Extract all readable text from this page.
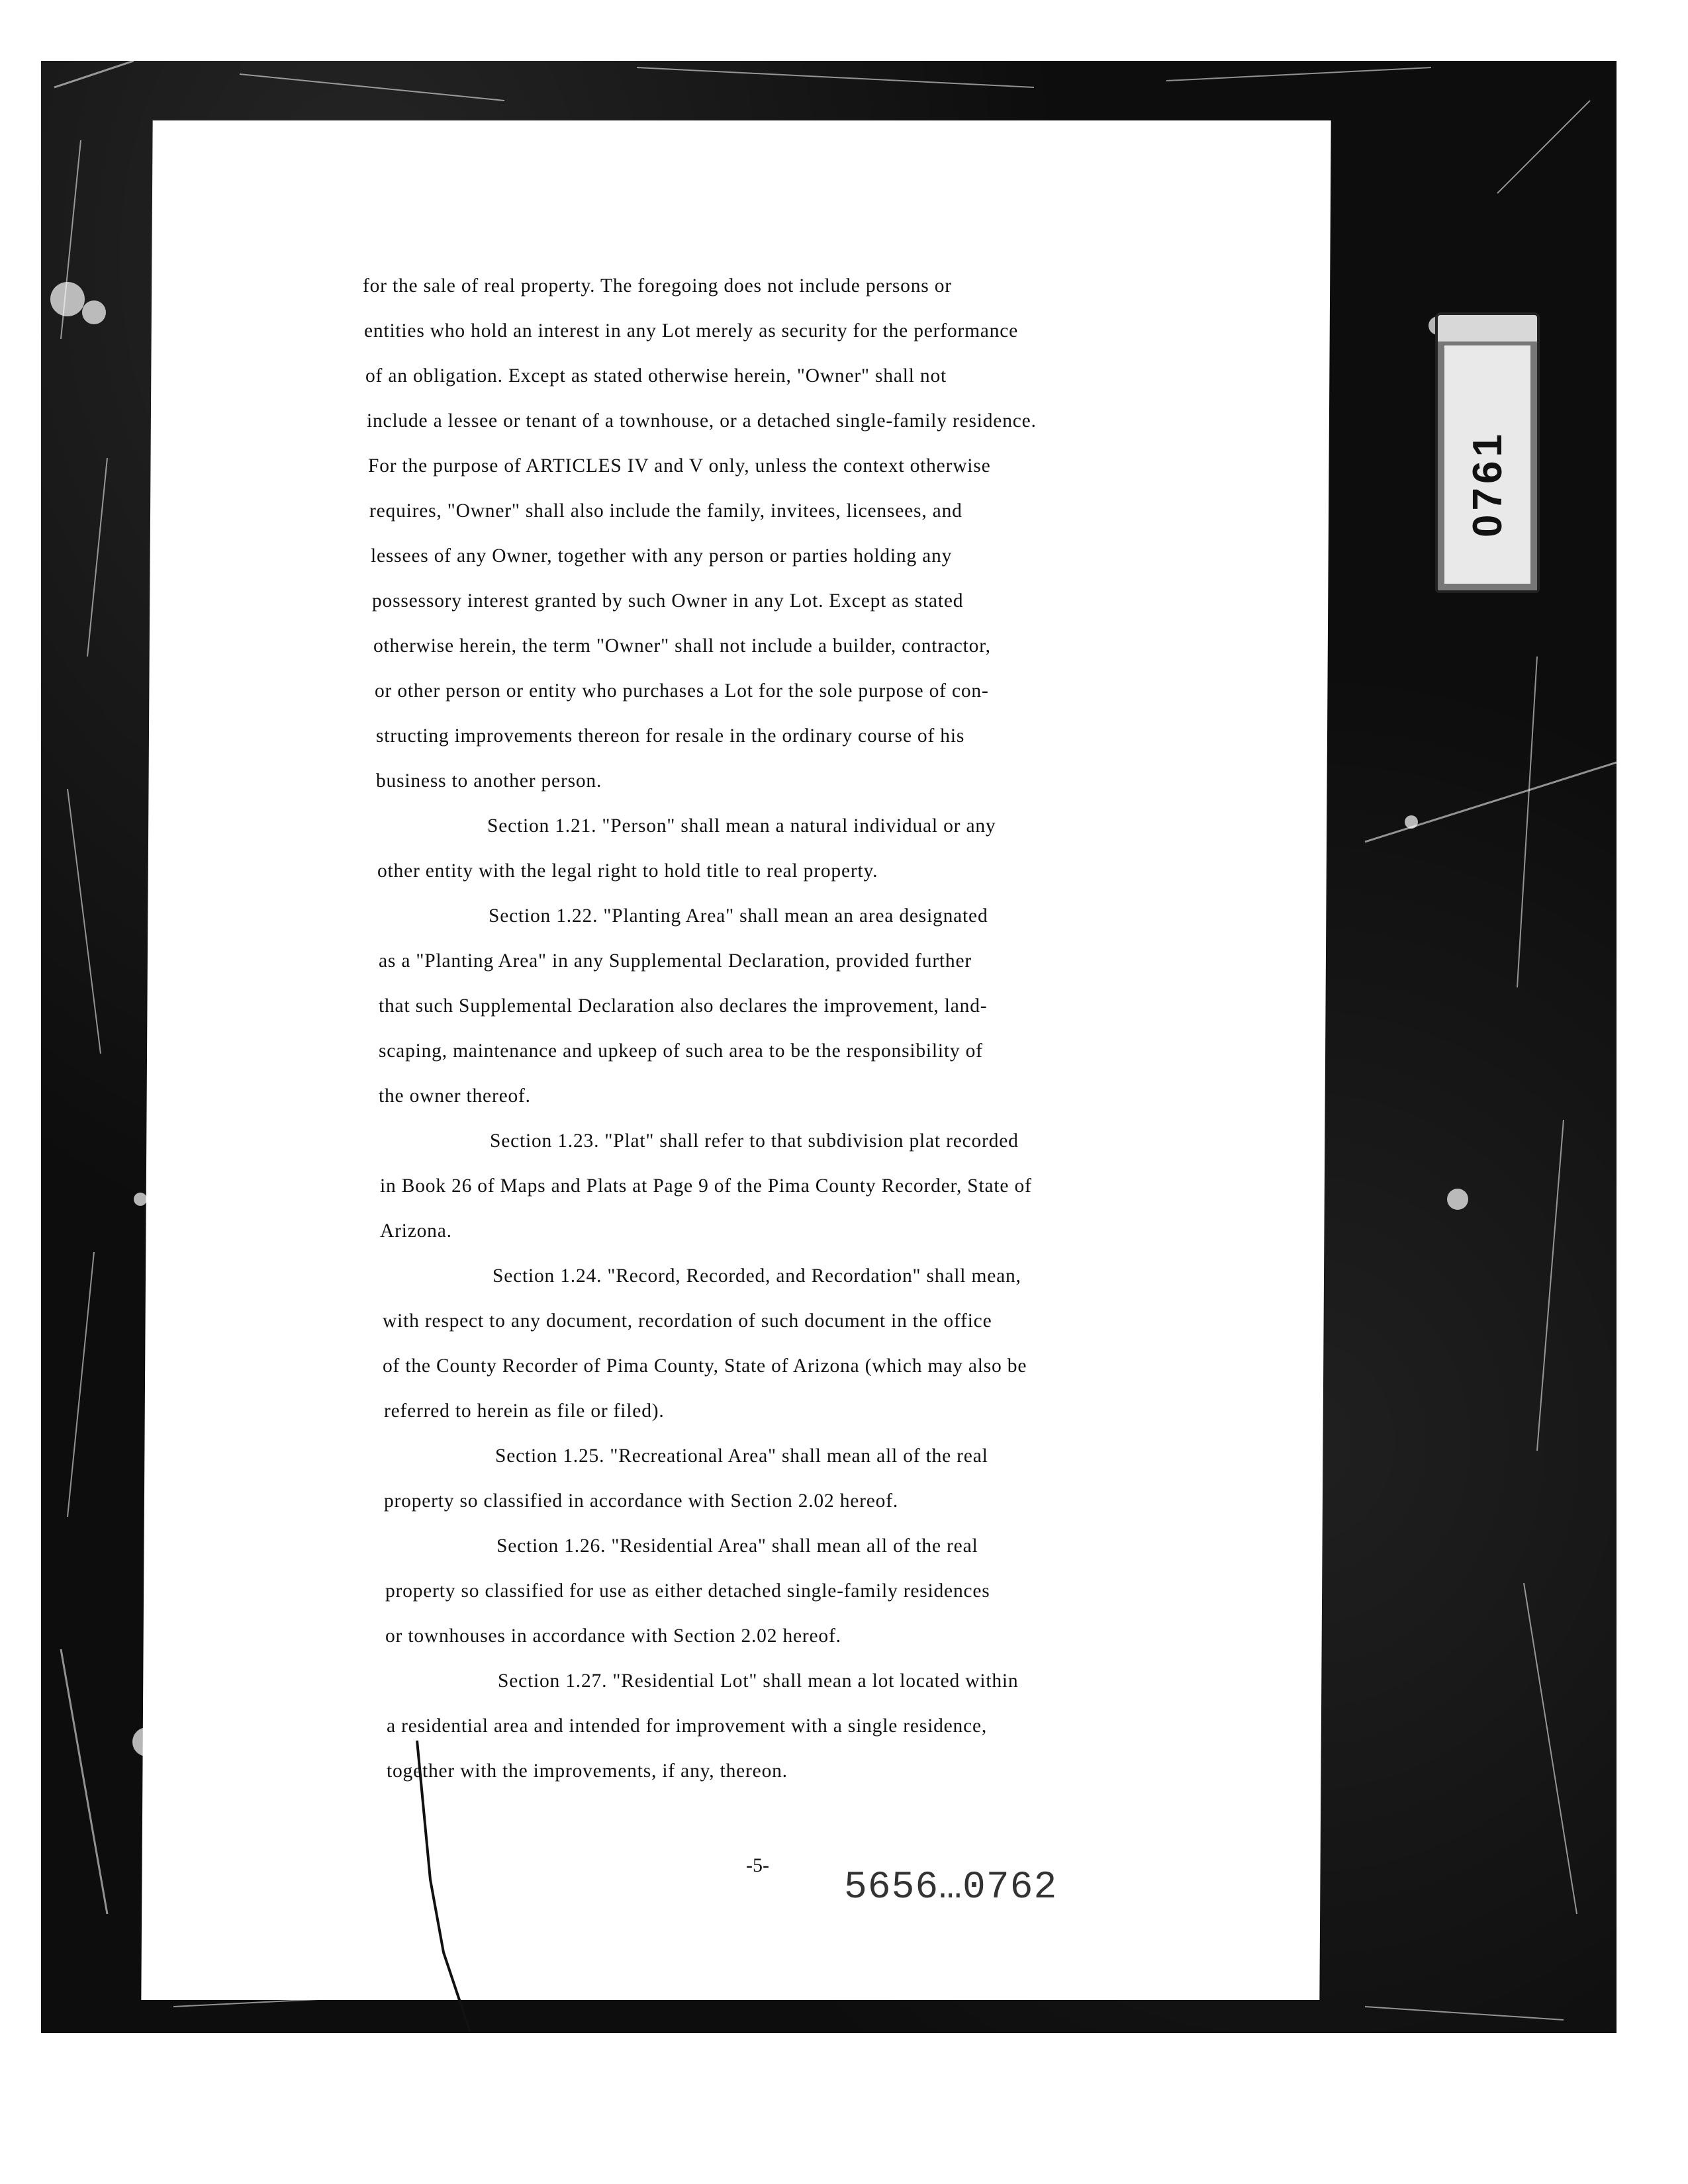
0761
for the sale of real property. The foregoing does not include persons or
entities who hold an interest in any Lot merely as security for the performance
of an obligation. Except as stated otherwise herein, "Owner" shall not
include a lessee or tenant of a townhouse, or a detached single-family residence.
For the purpose of ARTICLES IV and V only, unless the context otherwise
requires, "Owner" shall also include the family, invitees, licensees, and
lessees of any Owner, together with any person or parties holding any
possessory interest granted by such Owner in any Lot. Except as stated
otherwise herein, the term "Owner" shall not include a builder, contractor,
or other person or entity who purchases a Lot for the sole purpose of con-
structing improvements thereon for resale in the ordinary course of his
business to another person.
Section 1.21. "Person" shall mean a natural individual or any
other entity with the legal right to hold title to real property.
Section 1.22. "Planting Area" shall mean an area designated
as a "Planting Area" in any Supplemental Declaration, provided further
that such Supplemental Declaration also declares the improvement, land-
scaping, maintenance and upkeep of such area to be the responsibility of
the owner thereof.
Section 1.23. "Plat" shall refer to that subdivision plat recorded
in Book 26 of Maps and Plats at Page 9 of the Pima County Recorder, State of
Arizona.
Section 1.24. "Record, Recorded, and Recordation" shall mean,
with respect to any document, recordation of such document in the office
of the County Recorder of Pima County, State of Arizona (which may also be
referred to herein as file or filed).
Section 1.25. "Recreational Area" shall mean all of the real
property so classified in accordance with Section 2.02 hereof.
Section 1.26. "Residential Area" shall mean all of the real
property so classified for use as either detached single-family residences
or townhouses in accordance with Section 2.02 hereof.
Section 1.27. "Residential Lot" shall mean a lot located within
a residential area and intended for improvement with a single residence,
together with the improvements, if any, thereon.
-5-
5656…0762
